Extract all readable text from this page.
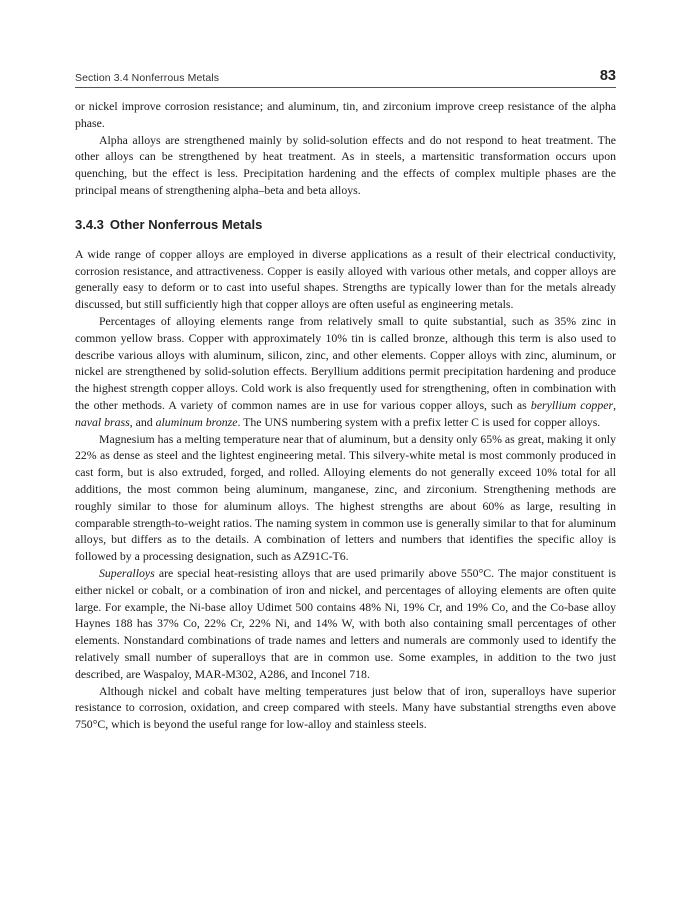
Section 3.4 Nonferrous Metals	83

or nickel improve corrosion resistance; and aluminum, tin, and zirconium improve creep resistance of the alpha phase.

Alpha alloys are strengthened mainly by solid-solution effects and do not respond to heat treatment. The other alloys can be strengthened by heat treatment. As in steels, a martensitic transformation occurs upon quenching, but the effect is less. Precipitation hardening and the effects of complex multiple phases are the principal means of strengthening alpha–beta and beta alloys.

3.4.3 Other Nonferrous Metals

A wide range of copper alloys are employed in diverse applications as a result of their electrical conductivity, corrosion resistance, and attractiveness. Copper is easily alloyed with various other metals, and copper alloys are generally easy to deform or to cast into useful shapes. Strengths are typically lower than for the metals already discussed, but still sufficiently high that copper alloys are often useful as engineering metals.

Percentages of alloying elements range from relatively small to quite substantial, such as 35% zinc in common yellow brass. Copper with approximately 10% tin is called bronze, although this term is also used to describe various alloys with aluminum, silicon, zinc, and other elements. Copper alloys with zinc, aluminum, or nickel are strengthened by solid-solution effects. Beryllium additions permit precipitation hardening and produce the highest strength copper alloys. Cold work is also frequently used for strengthening, often in combination with the other methods. A variety of common names are in use for various copper alloys, such as beryllium copper, naval brass, and aluminum bronze. The UNS numbering system with a prefix letter C is used for copper alloys.

Magnesium has a melting temperature near that of aluminum, but a density only 65% as great, making it only 22% as dense as steel and the lightest engineering metal. This silvery-white metal is most commonly produced in cast form, but is also extruded, forged, and rolled. Alloying elements do not generally exceed 10% total for all additions, the most common being aluminum, manganese, zinc, and zirconium. Strengthening methods are roughly similar to those for aluminum alloys. The highest strengths are about 60% as large, resulting in comparable strength-to-weight ratios. The naming system in common use is generally similar to that for aluminum alloys, but differs as to the details. A combination of letters and numbers that identifies the specific alloy is followed by a processing designation, such as AZ91C-T6.

Superalloys are special heat-resisting alloys that are used primarily above 550°C. The major constituent is either nickel or cobalt, or a combination of iron and nickel, and percentages of alloying elements are often quite large. For example, the Ni-base alloy Udimet 500 contains 48% Ni, 19% Cr, and 19% Co, and the Co-base alloy Haynes 188 has 37% Co, 22% Cr, 22% Ni, and 14% W, with both also containing small percentages of other elements. Nonstandard combinations of trade names and letters and numerals are commonly used to identify the relatively small number of superalloys that are in common use. Some examples, in addition to the two just described, are Waspaloy, MAR-M302, A286, and Inconel 718.

Although nickel and cobalt have melting temperatures just below that of iron, superalloys have superior resistance to corrosion, oxidation, and creep compared with steels. Many have substantial strengths even above 750°C, which is beyond the useful range for low-alloy and stainless steels.
